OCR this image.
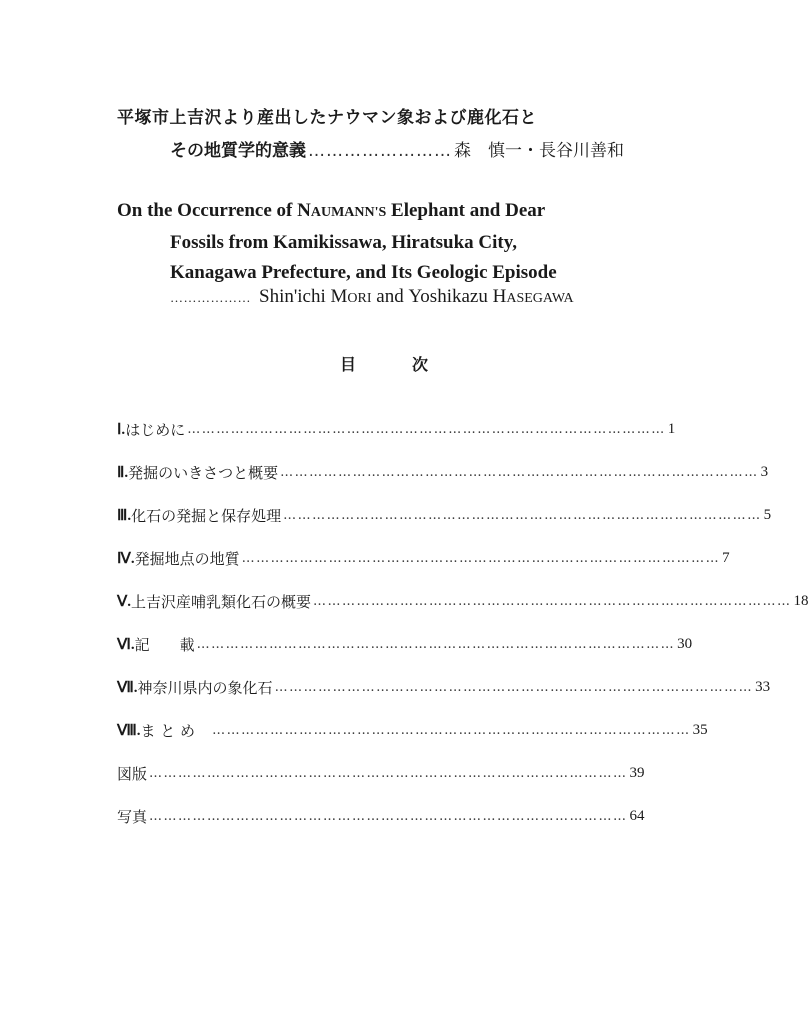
平塚市上吉沢より産出したナウマン象および鹿化石と
その地質学的意義 …………………… 森　慎一・長谷川善和
On the Occurrence of NAUMANN'S Elephant and Dear
Fossils from Kamikissawa, Hiratsuka City,
Kanagawa Prefecture, and Its Geologic Episode
……………… Shin'ichi MORI and Yoshikazu HASEGAWA
目	次
Ⅰ. はじめに ……………………………………………………………………………………… 1
Ⅱ. 発掘のいきさつと概要 ……………………………………………………………………………………… 3
Ⅲ. 化石の発掘と保存処理 ……………………………………………………………………………………… 5
Ⅳ. 発掘地点の地質 ……………………………………………………………………………………… 7
Ⅴ. 上吉沢産哺乳類化石の概要 ……………………………………………………………………………………… 18
Ⅵ. 記　　載 ……………………………………………………………………………………… 30
Ⅶ. 神奈川県内の象化石 ……………………………………………………………………………………… 33
Ⅷ. ま と め　 ……………………………………………………………………………………… 35
図 版 ……………………………………………………………………………………… 39
写 真 ……………………………………………………………………………………… 64
